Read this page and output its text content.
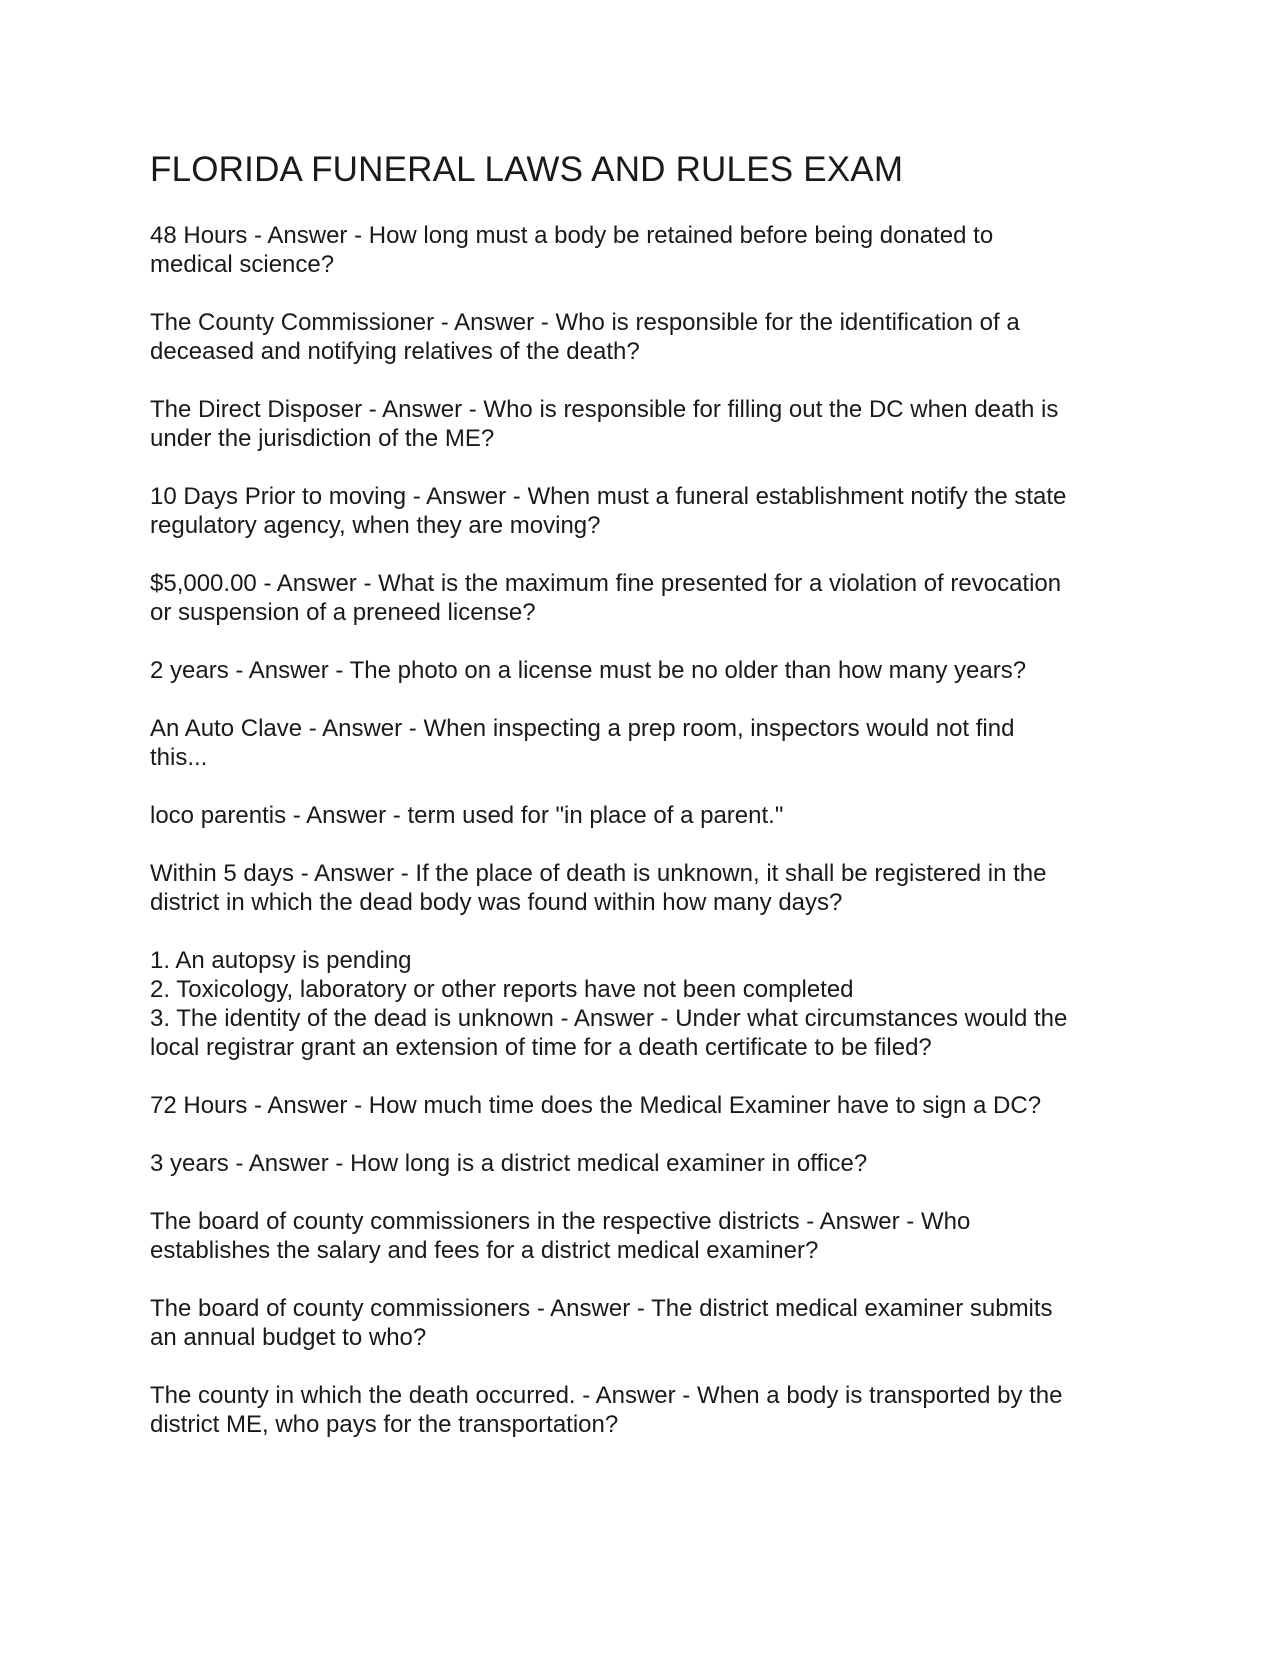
FLORIDA FUNERAL LAWS AND RULES EXAM

48 Hours - Answer - How long must a body be retained before being donated to
medical science?

The County Commissioner - Answer - Who is responsible for the identification of a
deceased and notifying relatives of the death?

The Direct Disposer - Answer - Who is responsible for filling out the DC when death is
under the jurisdiction of the ME?

10 Days Prior to moving - Answer - When must a funeral establishment notify the state
regulatory agency, when they are moving?

$5,000.00 - Answer - What is the maximum fine presented for a violation of revocation
or suspension of a preneed license?

2 years - Answer - The photo on a license must be no older than how many years?

An Auto Clave - Answer - When inspecting a prep room, inspectors would not find
this...

loco parentis - Answer - term used for "in place of a parent."

Within 5 days - Answer - If the place of death is unknown, it shall be registered in the
district in which the dead body was found within how many days?

1. An autopsy is pending
2. Toxicology, laboratory or other reports have not been completed
3. The identity of the dead is unknown - Answer - Under what circumstances would the
local registrar grant an extension of time for a death certificate to be filed?

72 Hours - Answer - How much time does the Medical Examiner have to sign a DC?

3 years - Answer - How long is a district medical examiner in office?

The board of county commissioners in the respective districts - Answer - Who
establishes the salary and fees for a district medical examiner?

The board of county commissioners - Answer - The district medical examiner submits
an annual budget to who?

The county in which the death occurred. - Answer - When a body is transported by the
district ME, who pays for the transportation?
